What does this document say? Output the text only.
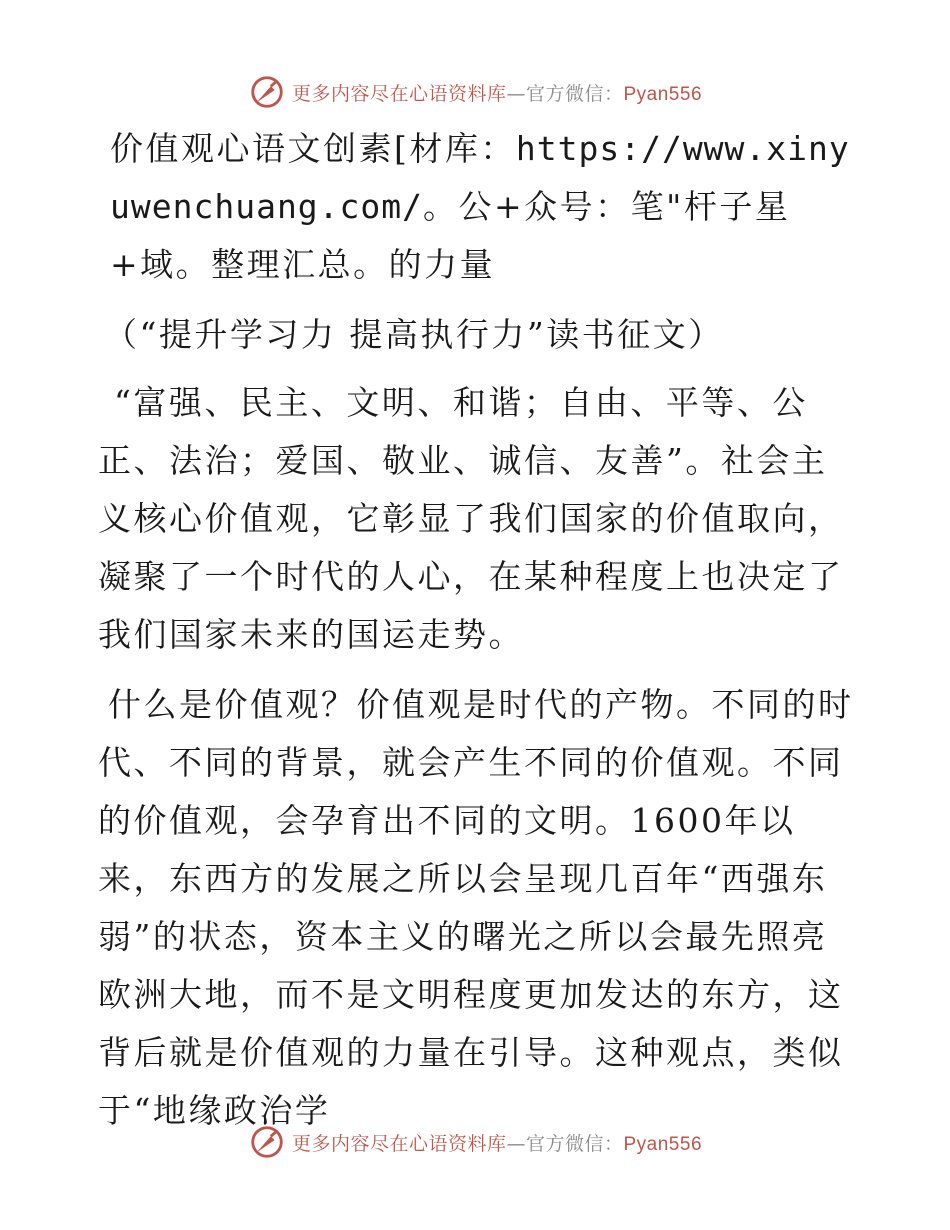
更多内容尽在心语资料库—官方微信：Pyan556

价值观心语文创素[材库：https://www.xinyuwenchuang.com/。公+众号：笔"杆子星+域。整理汇总。的力量

（“提升学习力 提高执行力”读书征文）

“富强、民主、文明、和谐；自由、平等、公正、法治；爱国、敬业、诚信、友善”。社会主义核心价值观，它彰显了我们国家的价值取向，凝聚了一个时代的人心，在某种程度上也决定了我们国家未来的国运走势。

什么是价值观？价值观是时代的产物。不同的时代、不同的背景，就会产生不同的价值观。不同的价值观，会孕育出不同的文明。1600年以来，东西方的发展之所以会呈现几百年“西强东弱”的状态，资本主义的曙光之所以会最先照亮欧洲大地，而不是文明程度更加发达的东方，这背后就是价值观的力量在引导。这种观点，类似于“地缘政治学

更多内容尽在心语资料库—官方微信：Pyan556
